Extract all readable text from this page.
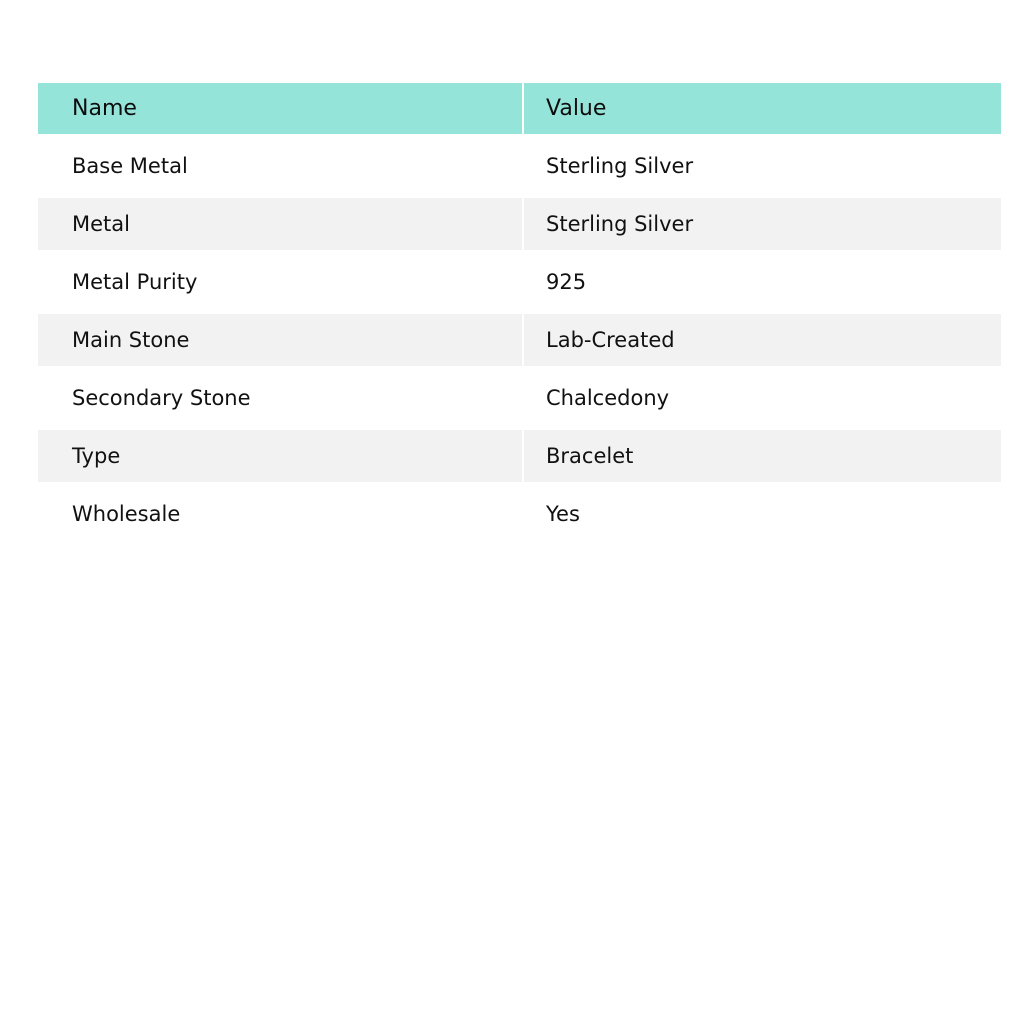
Name	Value
Base Metal	Sterling Silver
Metal	Sterling Silver
Metal Purity	925
Main Stone	Lab-Created
Secondary Stone	Chalcedony
Type	Bracelet
Wholesale	Yes
